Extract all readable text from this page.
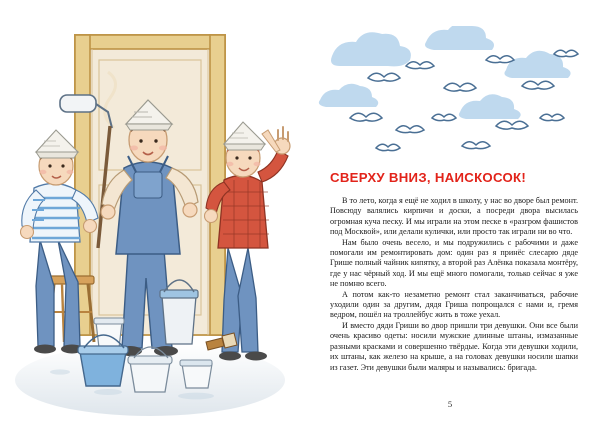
СВЕРХУ ВНИЗ, НАИСКОСОК!

В то лето, когда я ещё не ходил в школу, у нас во дворе был ремонт. Повсюду валялись кирпичи и доски, а посреди двора высилась огромная куча песку. И мы играли на этом песке в «разгром фашистов под Москвой», или делали кулички, или просто так играли ни во что.

Нам было очень весело, и мы подружились с рабочими и даже помогали им ремонтировать дом: один раз я принёс слесарю дяде Грише полный чайник кипятку, а второй раз Алёнка показала монтёру, где у нас чёрный ход. И мы ещё много помогали, только сейчас я уже не помню всего.

А потом как-то незаметно ремонт стал заканчиваться, рабочие уходили один за другим, дядя Гриша попрощался с нами и, гремя ведром, пошёл на троллейбус жить в тоже уехал.

И вместо дяди Гриши во двор пришли три девушки. Они все были очень красиво одеты: носили мужские длинные штаны, измазанные разными красками и совершенно твёрдые. Когда эти девушки ходили, их штаны, как железо на крыше, а на головах девушки носили шапки из газет. Эти девушки были маляры и назывались: бригада.

5
